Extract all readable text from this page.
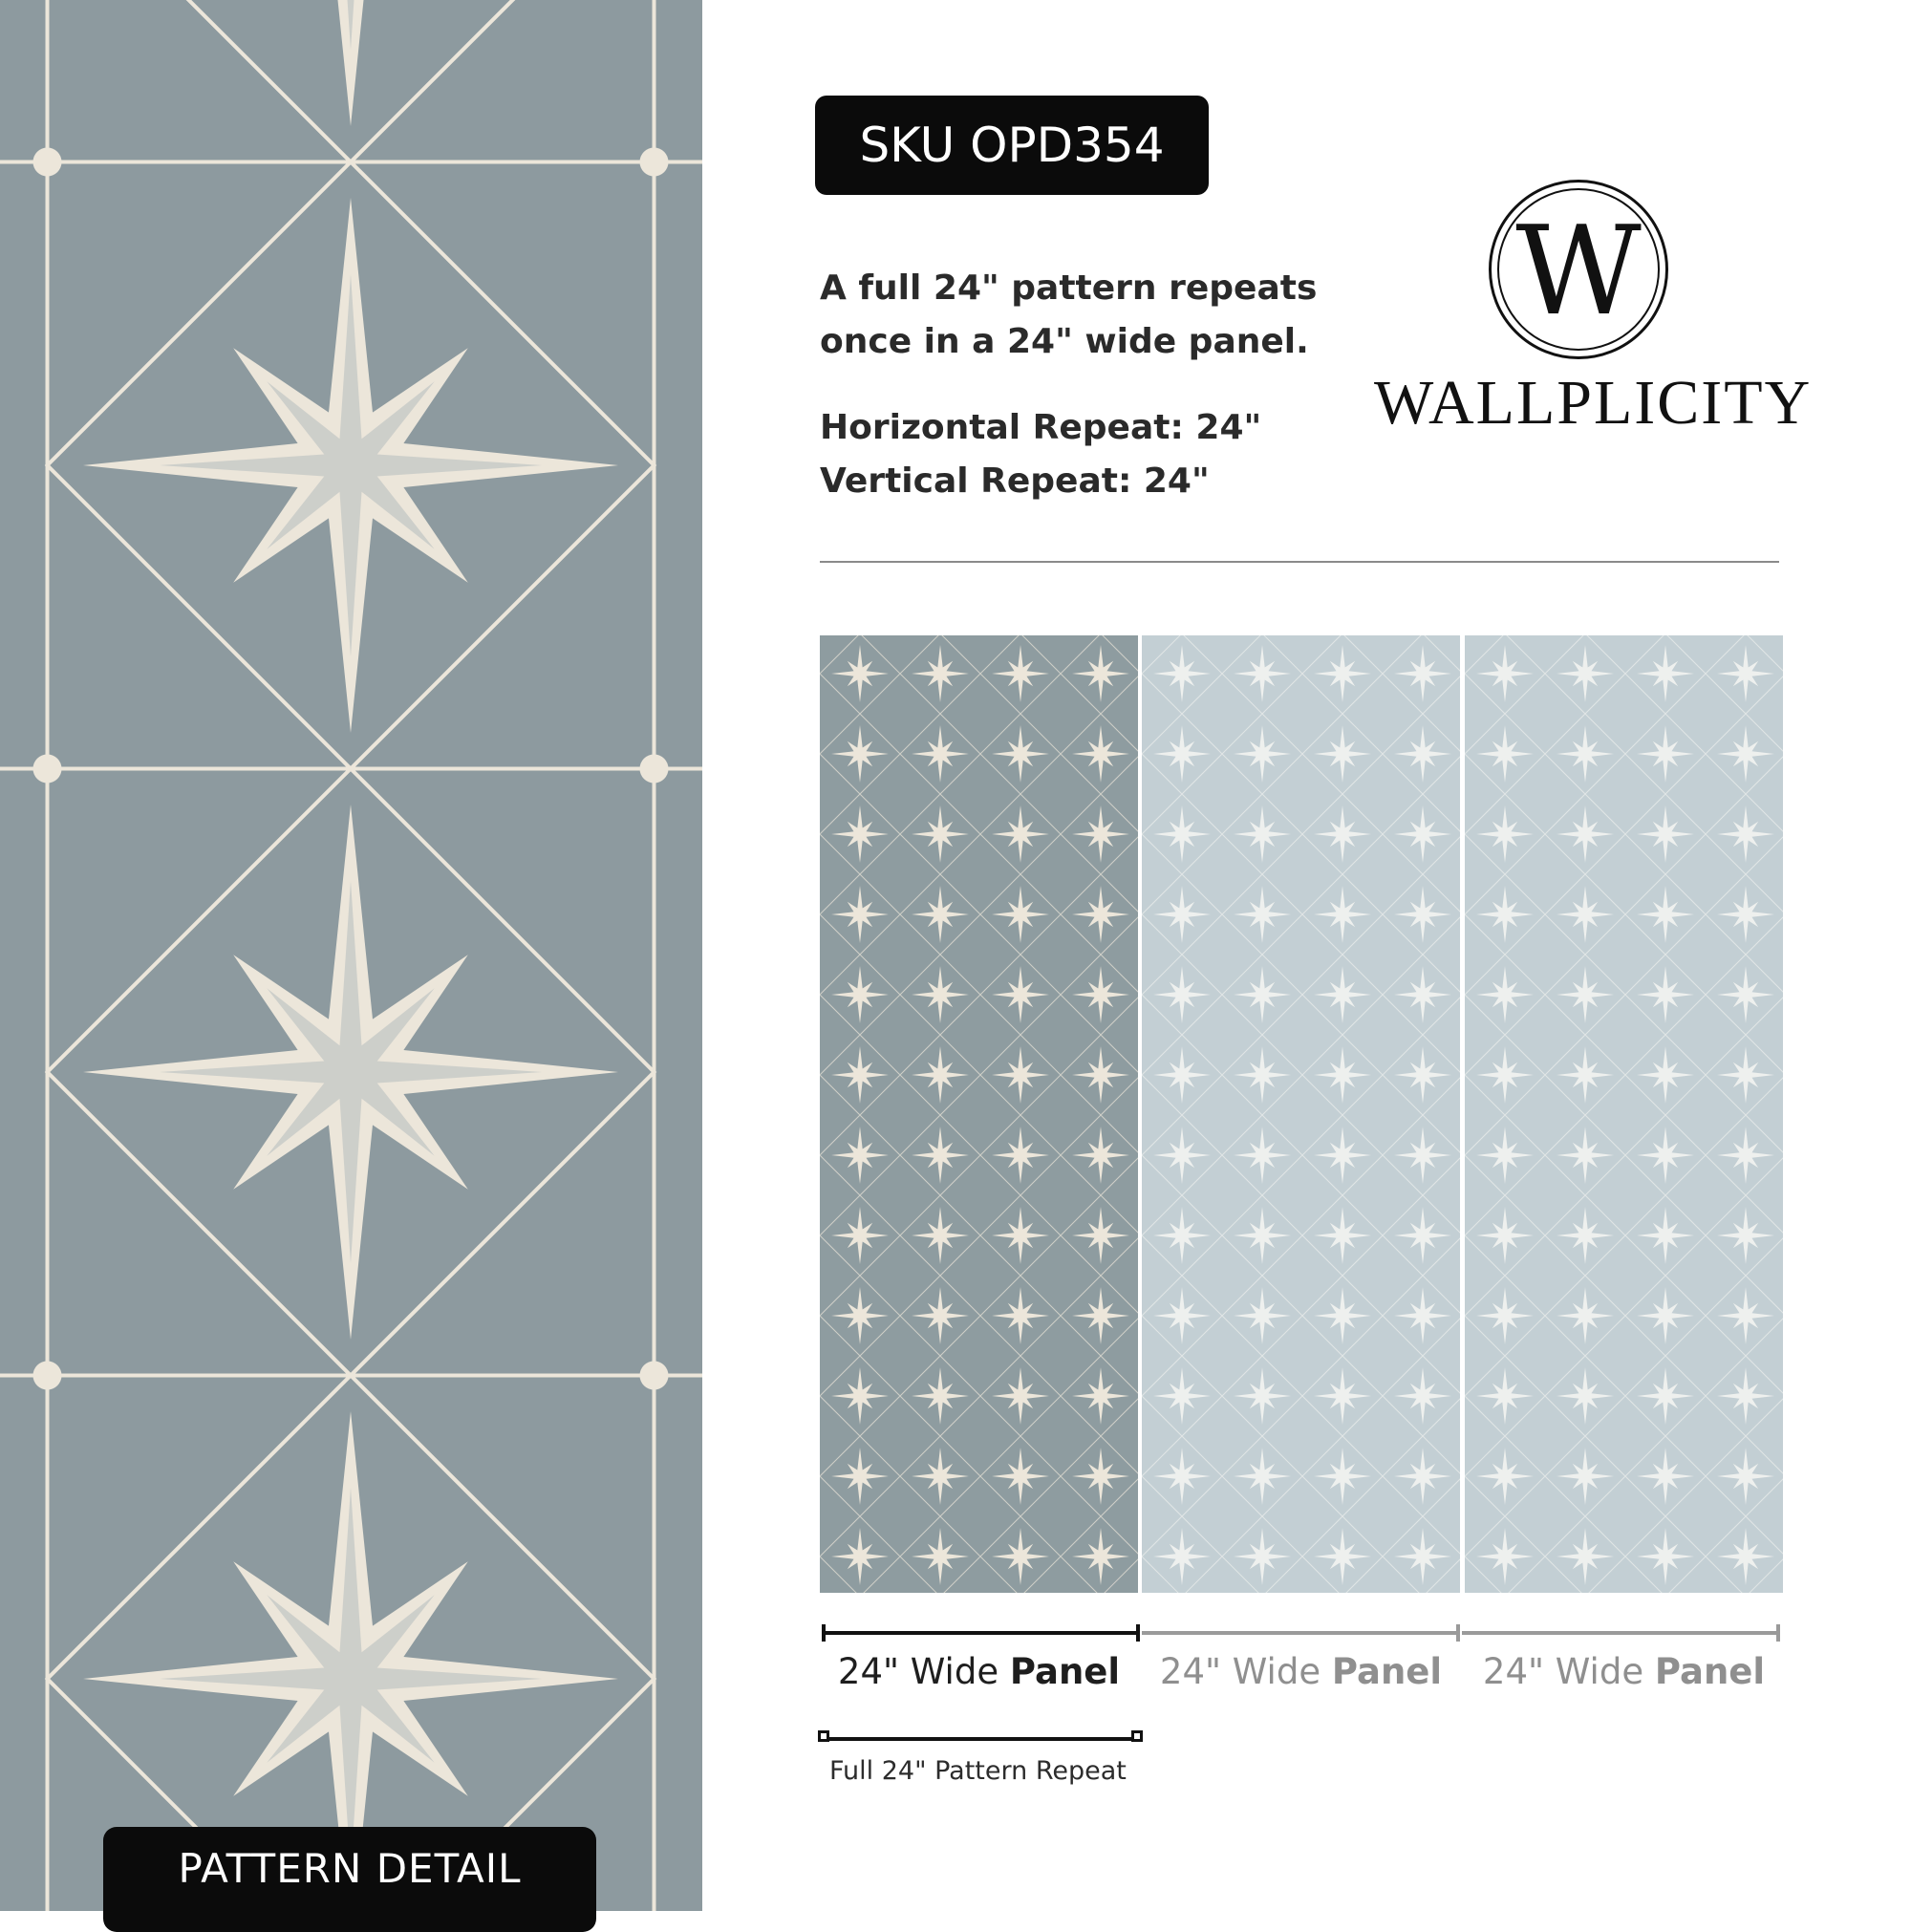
PATTERN DETAIL
SKU OPD354
A full 24" pattern repeats
once in a 24" wide panel.
Horizontal Repeat: 24"
Vertical Repeat: 24"
W
WALLPLICITY
24" Wide Panel	24" Wide Panel	24" Wide Panel
Full 24" Pattern Repeat
